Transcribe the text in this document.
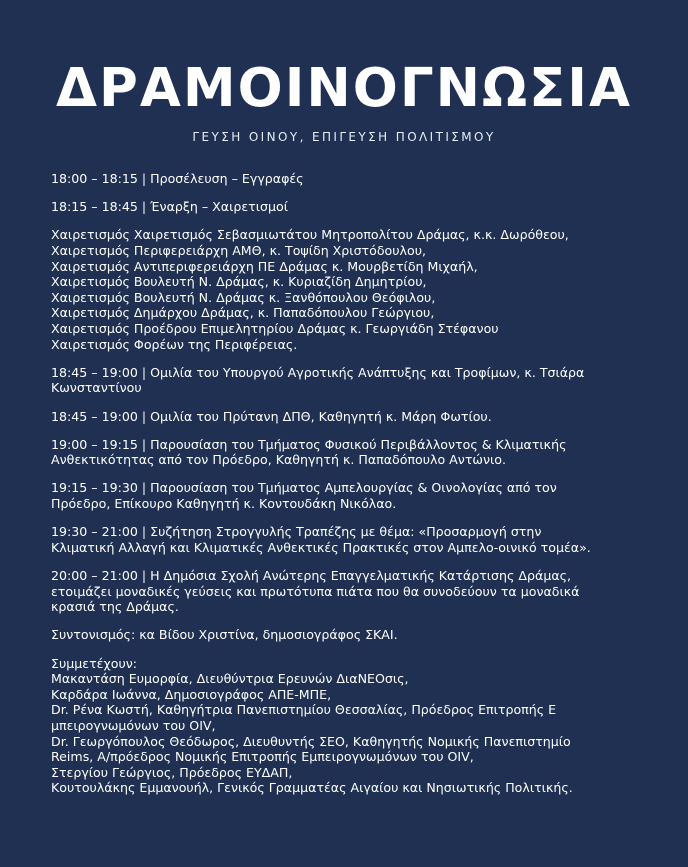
ΔΡΑΜΟΙΝΟΓΝΩΣΙΑ
ΓΕΥΣΗ ΟΙΝΟΥ, ΕΠΙΓΕΥΣΗ ΠΟΛΙΤΙΣΜΟΥ
18:00 – 18:15 | Προσέλευση – Εγγραφές
18:15 – 18:45 | Έναρξη – Χαιρετισμοί
Χαιρετισμός Χαιρετισμός Σεβασμιωτάτου Μητροπολίτου Δράμας, κ.κ. Δωρόθεου,
Χαιρετισμός Περιφερειάρχη ΑΜΘ, κ. Τοψίδη Χριστόδουλου,
Χαιρετισμός Αντιπεριφερειάρχη ΠΕ Δράμας κ. Μουρβετίδη Μιχαήλ,
Χαιρετισμός Βουλευτή Ν. Δράμας, κ. Κυριαζίδη Δημητρίου,
Χαιρετισμός Βουλευτή Ν. Δράμας κ. Ξανθόπουλου Θεόφιλου,
Χαιρετισμός Δημάρχου Δράμας, κ. Παπαδόπουλου Γεώργιου,
Χαιρετισμός Προέδρου Επιμελητηρίου Δράμας κ. Γεωργιάδη Στέφανου
Χαιρετισμός Φορέων της Περιφέρειας.
18:45 – 19:00 | Ομιλία του Υπουργού Αγροτικής Ανάπτυξης και Τροφίμων, κ. Τσιάρα
Κωνσταντίνου
18:45 – 19:00 | Ομιλία του Πρύτανη ΔΠΘ, Καθηγητή κ. Μάρη Φωτίου.
19:00 – 19:15 | Παρουσίαση του Τμήματος Φυσικού Περιβάλλοντος & Κλιματικής
Ανθεκτικότητας από τον Πρόεδρο, Καθηγητή κ. Παπαδόπουλο Αντώνιο.
19:15 – 19:30 | Παρουσίαση του Τμήματος Αμπελουργίας & Οινολογίας από τον
Πρόεδρο, Επίκουρο Καθηγητή κ. Κοντουδάκη Νικόλαο.
19:30 – 21:00 | Συζήτηση Στρογγυλής Τραπέζης με θέμα: «Προσαρμογή στην
Κλιματική Αλλαγή και Κλιματικές Ανθεκτικές Πρακτικές στον Αμπελο-οινικό τομέα».
20:00 – 21:00 | Η Δημόσια Σχολή Ανώτερης Επαγγελματικής Κατάρτισης Δράμας,
ετοιμάζει μοναδικές γεύσεις και πρωτότυπα πιάτα που θα συνοδεύουν τα μοναδικά
κρασιά της Δράμας.
Συντονισμός: κα Βίδου Χριστίνα, δημοσιογράφος ΣΚΑΙ.
Συμμετέχουν:
Μακαντάση Ευμορφία, Διευθύντρια Ερευνών ΔιαΝΕΟσις,
Καρδάρα Ιωάννα, Δημοσιογράφος ΑΠΕ-ΜΠΕ,
Dr. Ρένα Κωστή, Καθηγήτρια Πανεπιστημίου Θεσσαλίας, Πρόεδρος Επιτροπής Ε
μπειρογνωμόνων του OIV,
Dr. Γεωργόπουλος Θεόδωρος, Διευθυντής ΣΕΟ, Καθηγητής Νομικής Πανεπιστημίο
Reims, Α/πρόεδρος Νομικής Επιτροπής Εμπειρογνωμόνων του OIV,
Στεργίου Γεώργιος, Πρόεδρος ΕΥΔΑΠ,
Κουτουλάκης Εμμανουήλ, Γενικός Γραμματέας Αιγαίου και Νησιωτικής Πολιτικής.
